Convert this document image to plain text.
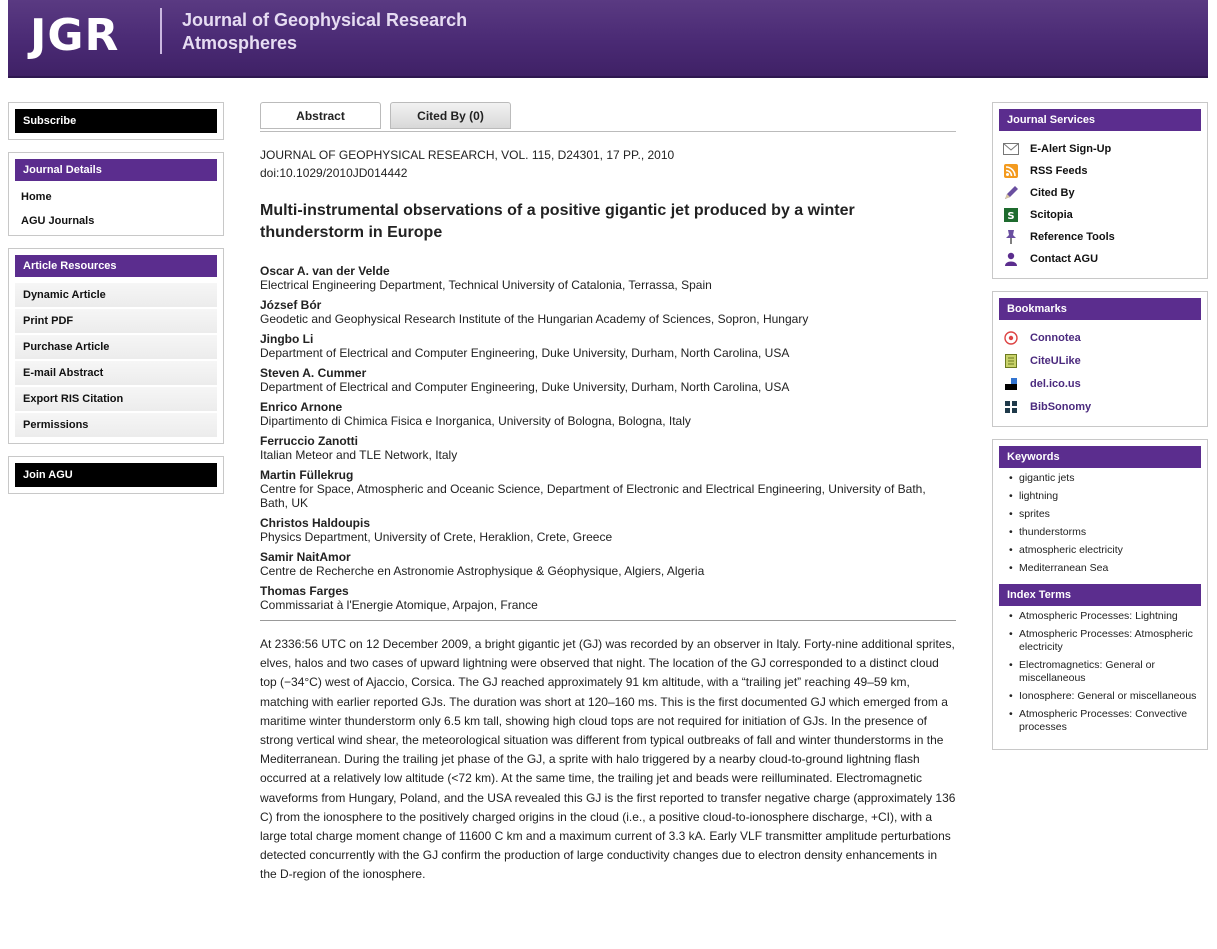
JGR	Journal of Geophysical Research
Atmospheres
Subscribe
Journal Details
Home
AGU Journals
Article Resources
Dynamic Article
Print PDF
Purchase Article
E-mail Abstract
Export RIS Citation
Permissions
Join AGU
Abstract	Cited By (0)
JOURNAL OF GEOPHYSICAL RESEARCH, VOL. 115, D24301, 17 PP., 2010
doi:10.1029/2010JD014442
Multi-instrumental observations of a positive gigantic jet produced by a winter thunderstorm in Europe
Oscar A. van der Velde
Electrical Engineering Department, Technical University of Catalonia, Terrassa, Spain
József Bór
Geodetic and Geophysical Research Institute of the Hungarian Academy of Sciences, Sopron, Hungary
Jingbo Li
Department of Electrical and Computer Engineering, Duke University, Durham, North Carolina, USA
Steven A. Cummer
Department of Electrical and Computer Engineering, Duke University, Durham, North Carolina, USA
Enrico Arnone
Dipartimento di Chimica Fisica e Inorganica, University of Bologna, Bologna, Italy
Ferruccio Zanotti
Italian Meteor and TLE Network, Italy
Martin Füllekrug
Centre for Space, Atmospheric and Oceanic Science, Department of Electronic and Electrical Engineering, University of Bath, Bath, UK
Christos Haldoupis
Physics Department, University of Crete, Heraklion, Crete, Greece
Samir NaitAmor
Centre de Recherche en Astronomie Astrophysique & Géophysique, Algiers, Algeria
Thomas Farges
Commissariat à l'Energie Atomique, Arpajon, France

At 2336:56 UTC on 12 December 2009, a bright gigantic jet (GJ) was recorded by an observer in Italy. Forty-nine additional sprites, elves, halos and two cases of upward lightning were observed that night. The location of the GJ corresponded to a distinct cloud top (−34°C) west of Ajaccio, Corsica. The GJ reached approximately 91 km altitude, with a “trailing jet” reaching 49–59 km, matching with earlier reported GJs. The duration was short at 120–160 ms. This is the first documented GJ which emerged from a maritime winter thunderstorm only 6.5 km tall, showing high cloud tops are not required for initiation of GJs. In the presence of strong vertical wind shear, the meteorological situation was different from typical outbreaks of fall and winter thunderstorms in the Mediterranean. During the trailing jet phase of the GJ, a sprite with halo triggered by a nearby cloud-to-ground lightning flash occurred at a relatively low altitude (<72 km). At the same time, the trailing jet and beads were reilluminated. Electromagnetic waveforms from Hungary, Poland, and the USA revealed this GJ is the first reported to transfer negative charge (approximately 136 C) from the ionosphere to the positively charged origins in the cloud (i.e., a positive cloud-to-ionosphere discharge, +CI), with a large total charge moment change of 11600 C km and a maximum current of 3.3 kA. Early VLF transmitter amplitude perturbations detected concurrently with the GJ confirm the production of large conductivity changes due to electron density enhancements in the D-region of the ionosphere.

Journal Services
E-Alert Sign-Up
RSS Feeds
Cited By
S Scitopia
Reference Tools
Contact AGU
Bookmarks
Connotea
CiteULike
del.ico.us
BibSonomy
Keywords
• gigantic jets
• lightning
• sprites
• thunderstorms
• atmospheric electricity
• Mediterranean Sea
Index Terms
• Atmospheric Processes: Lightning
• Atmospheric Processes: Atmospheric electricity
• Electromagnetics: General or miscellaneous
• Ionosphere: General or miscellaneous
• Atmospheric Processes: Convective processes
